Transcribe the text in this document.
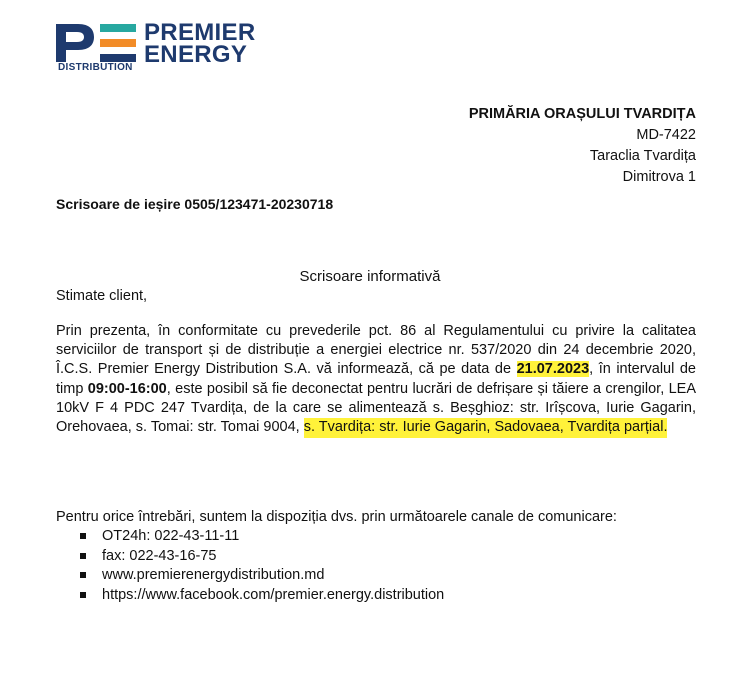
PREMIER
ENERGY
DISTRIBUTION
PRIMĂRIA ORAȘULUI TVARDIȚA
MD-7422
Taraclia Tvardița
Dimitrova 1
Scrisoare de ieșire 0505/123471-20230718
Scrisoare informativă
Stimate client,
Prin prezenta, în conformitate cu prevederile pct. 86 al Regulamentului cu privire la calitatea serviciilor de transport și de distribuție a energiei electrice nr. 537/2020 din 24 decembrie 2020, Î.C.S. Premier Energy Distribution S.A. vă informează, că pe data de 21.07.2023, în intervalul de timp 09:00-16:00, este posibil să fie deconectat pentru lucrări de defrișare și tăiere a crengilor, LEA 10kV F 4 PDC 247 Tvardița, de la care se alimentează s. Beșghioz: str. Irîșcova, Iurie Gagarin, Orehovaea, s. Tomai: str. Tomai 9004, s. Tvardița: str. Iurie Gagarin, Sadovaea, Tvardița parțial.
Pentru orice întrebări, suntem la dispoziția dvs. prin următoarele canale de comunicare:
OT24h: 022-43-11-11
fax: 022-43-16-75
www.premierenergydistribution.md
https://www.facebook.com/premier.energy.distribution
